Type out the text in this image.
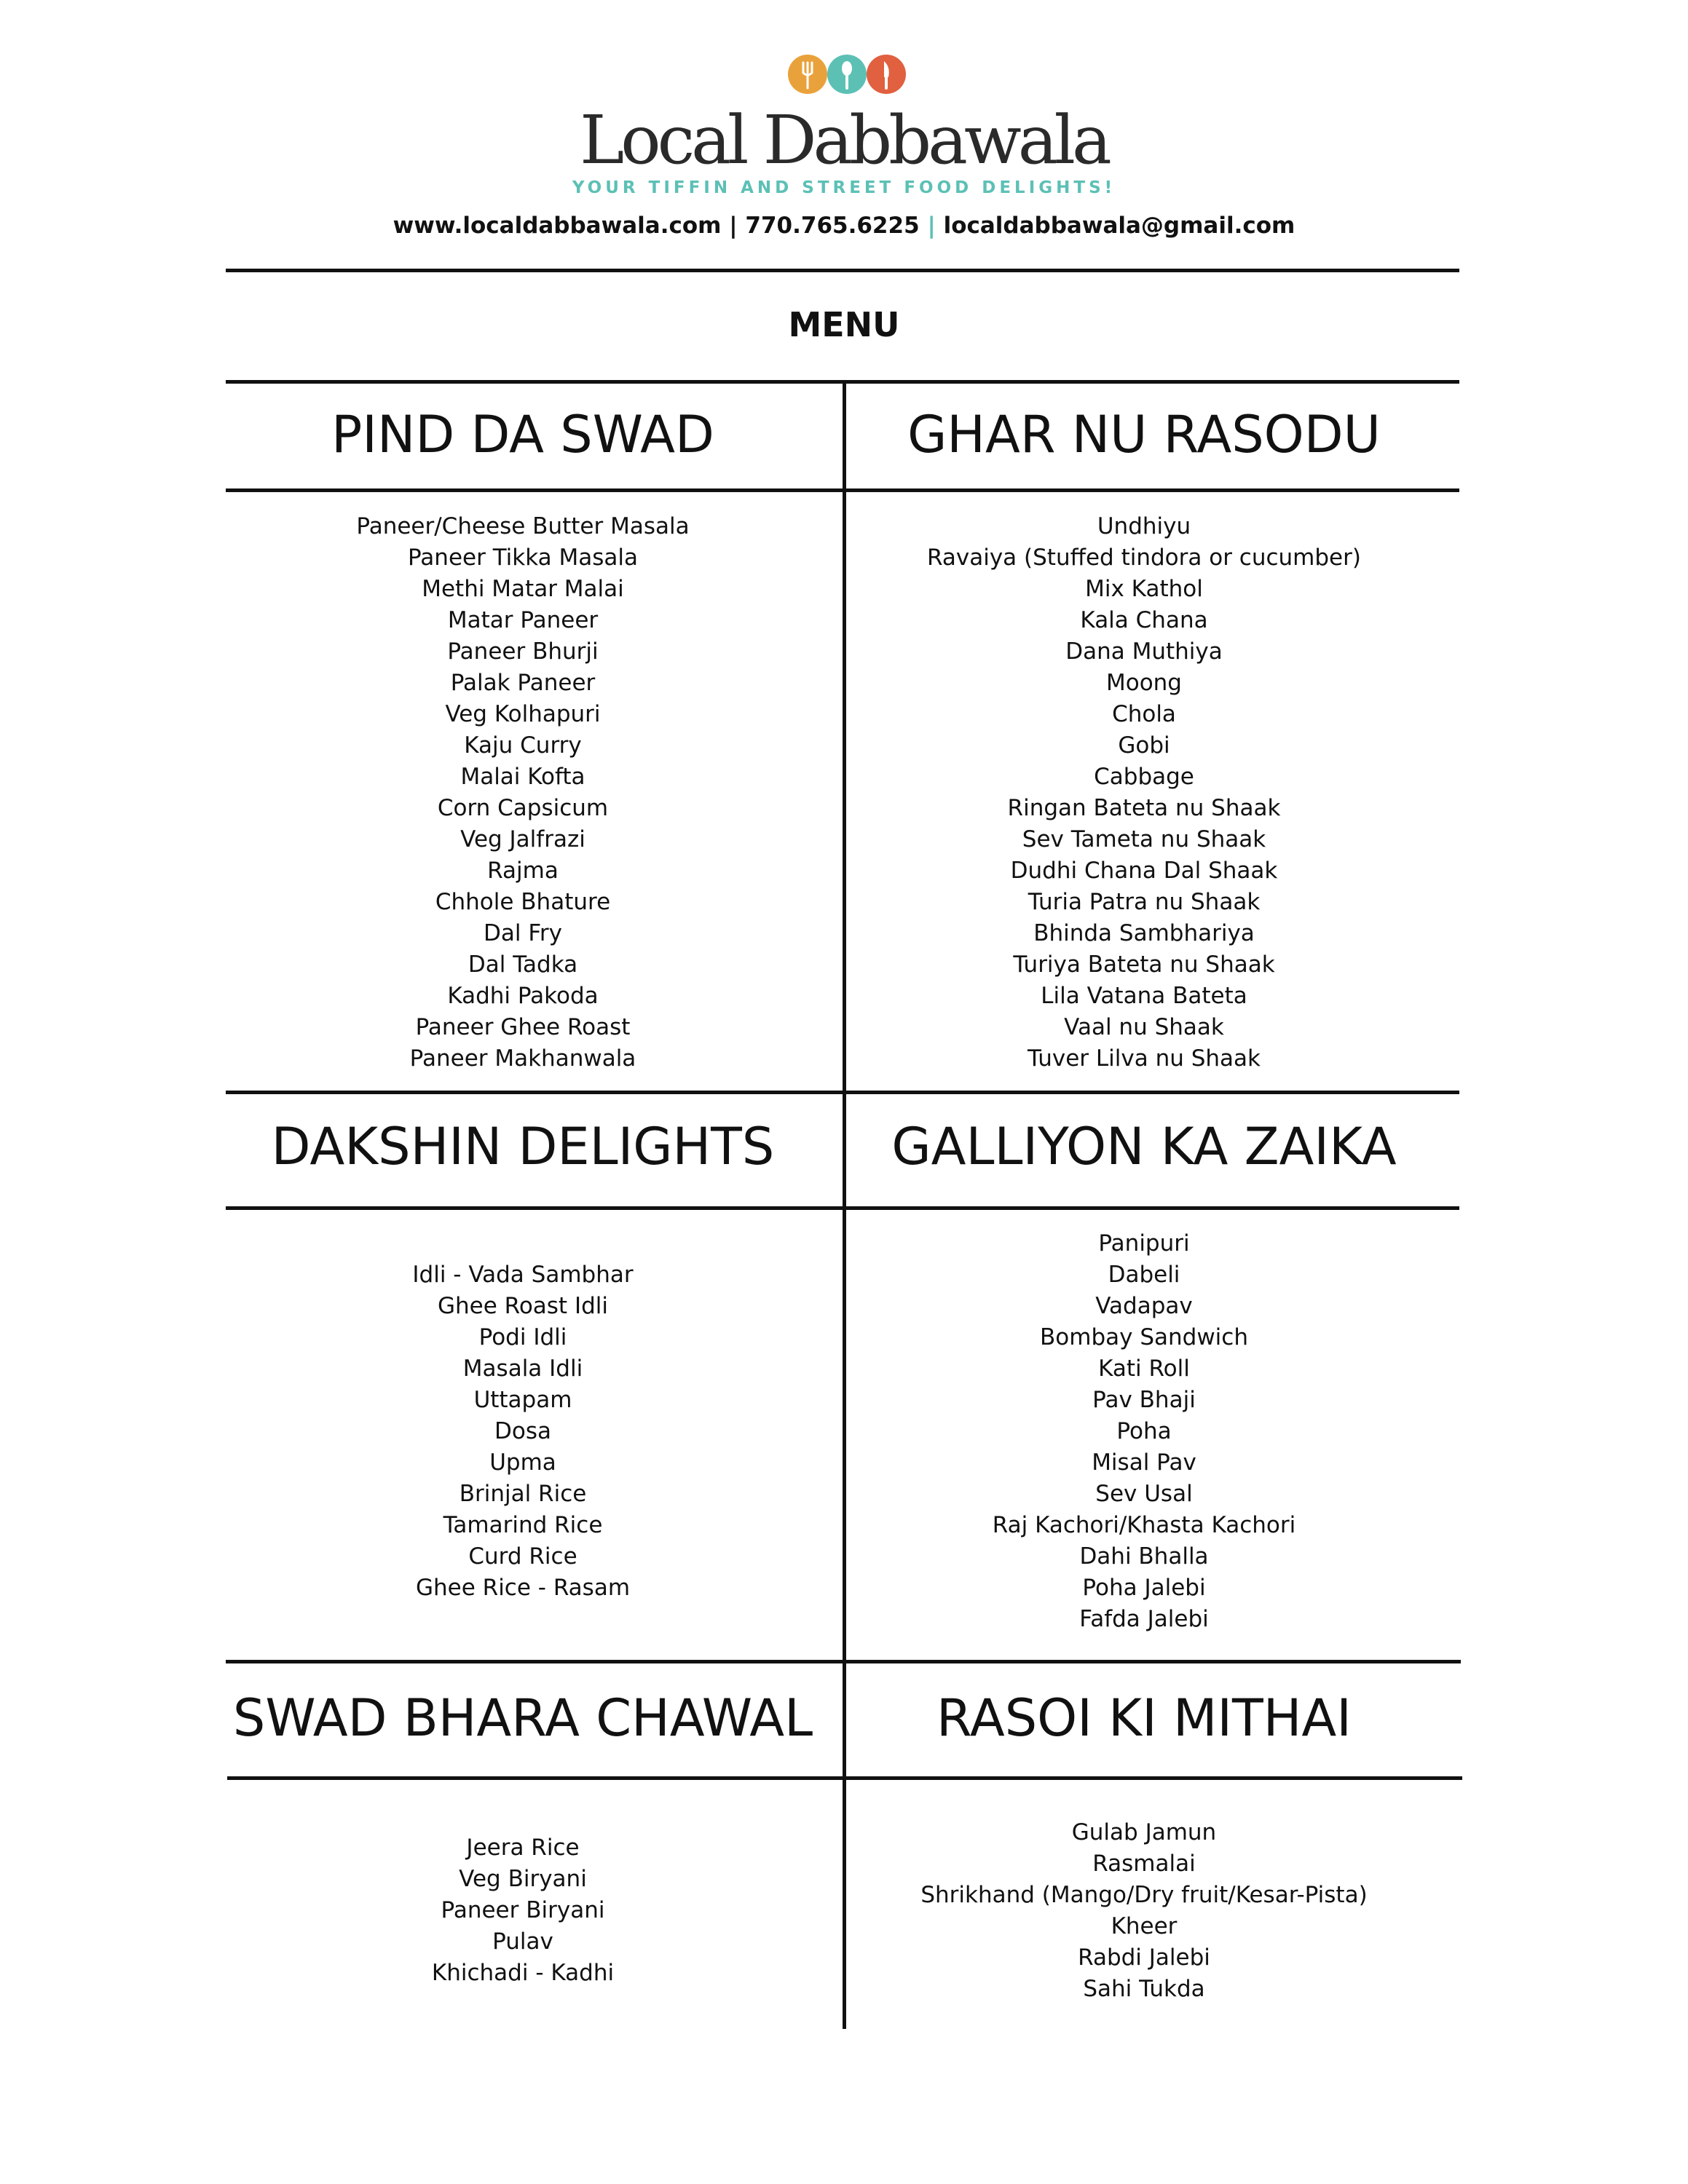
Local Dabbawala
YOUR TIFFIN AND STREET FOOD DELIGHTS!
www.localdabbawala.com | 770.765.6225 | localdabbawala@gmail.com
MENU
PIND DA SWAD
Paneer/Cheese Butter Masala
Paneer Tikka Masala
Methi Matar Malai
Matar Paneer
Paneer Bhurji
Palak Paneer
Veg Kolhapuri
Kaju Curry
Malai Kofta
Corn Capsicum
Veg Jalfrazi
Rajma
Chhole Bhature
Dal Fry
Dal Tadka
Kadhi Pakoda
Paneer Ghee Roast
Paneer Makhanwala
GHAR NU RASODU
Undhiyu
Ravaiya (Stuffed tindora or cucumber)
Mix Kathol
Kala Chana
Dana Muthiya
Moong
Chola
Gobi
Cabbage
Ringan Bateta nu Shaak
Sev Tameta nu Shaak
Dudhi Chana Dal Shaak
Turia Patra nu Shaak
Bhinda Sambhariya
Turiya Bateta nu Shaak
Lila Vatana Bateta
Vaal nu Shaak
Tuver Lilva nu Shaak
DAKSHIN DELIGHTS
Idli - Vada Sambhar
Ghee Roast Idli
Podi Idli
Masala Idli
Uttapam
Dosa
Upma
Brinjal Rice
Tamarind Rice
Curd Rice
Ghee Rice - Rasam
GALLIYON KA ZAIKA
Panipuri
Dabeli
Vadapav
Bombay Sandwich
Kati Roll
Pav Bhaji
Poha
Misal Pav
Sev Usal
Raj Kachori/Khasta Kachori
Dahi Bhalla
Poha Jalebi
Fafda Jalebi
SWAD BHARA CHAWAL
Jeera Rice
Veg Biryani
Paneer Biryani
Pulav
Khichadi - Kadhi
RASOI KI MITHAI
Gulab Jamun
Rasmalai
Shrikhand (Mango/Dry fruit/Kesar-Pista)
Kheer
Rabdi Jalebi
Sahi Tukda
